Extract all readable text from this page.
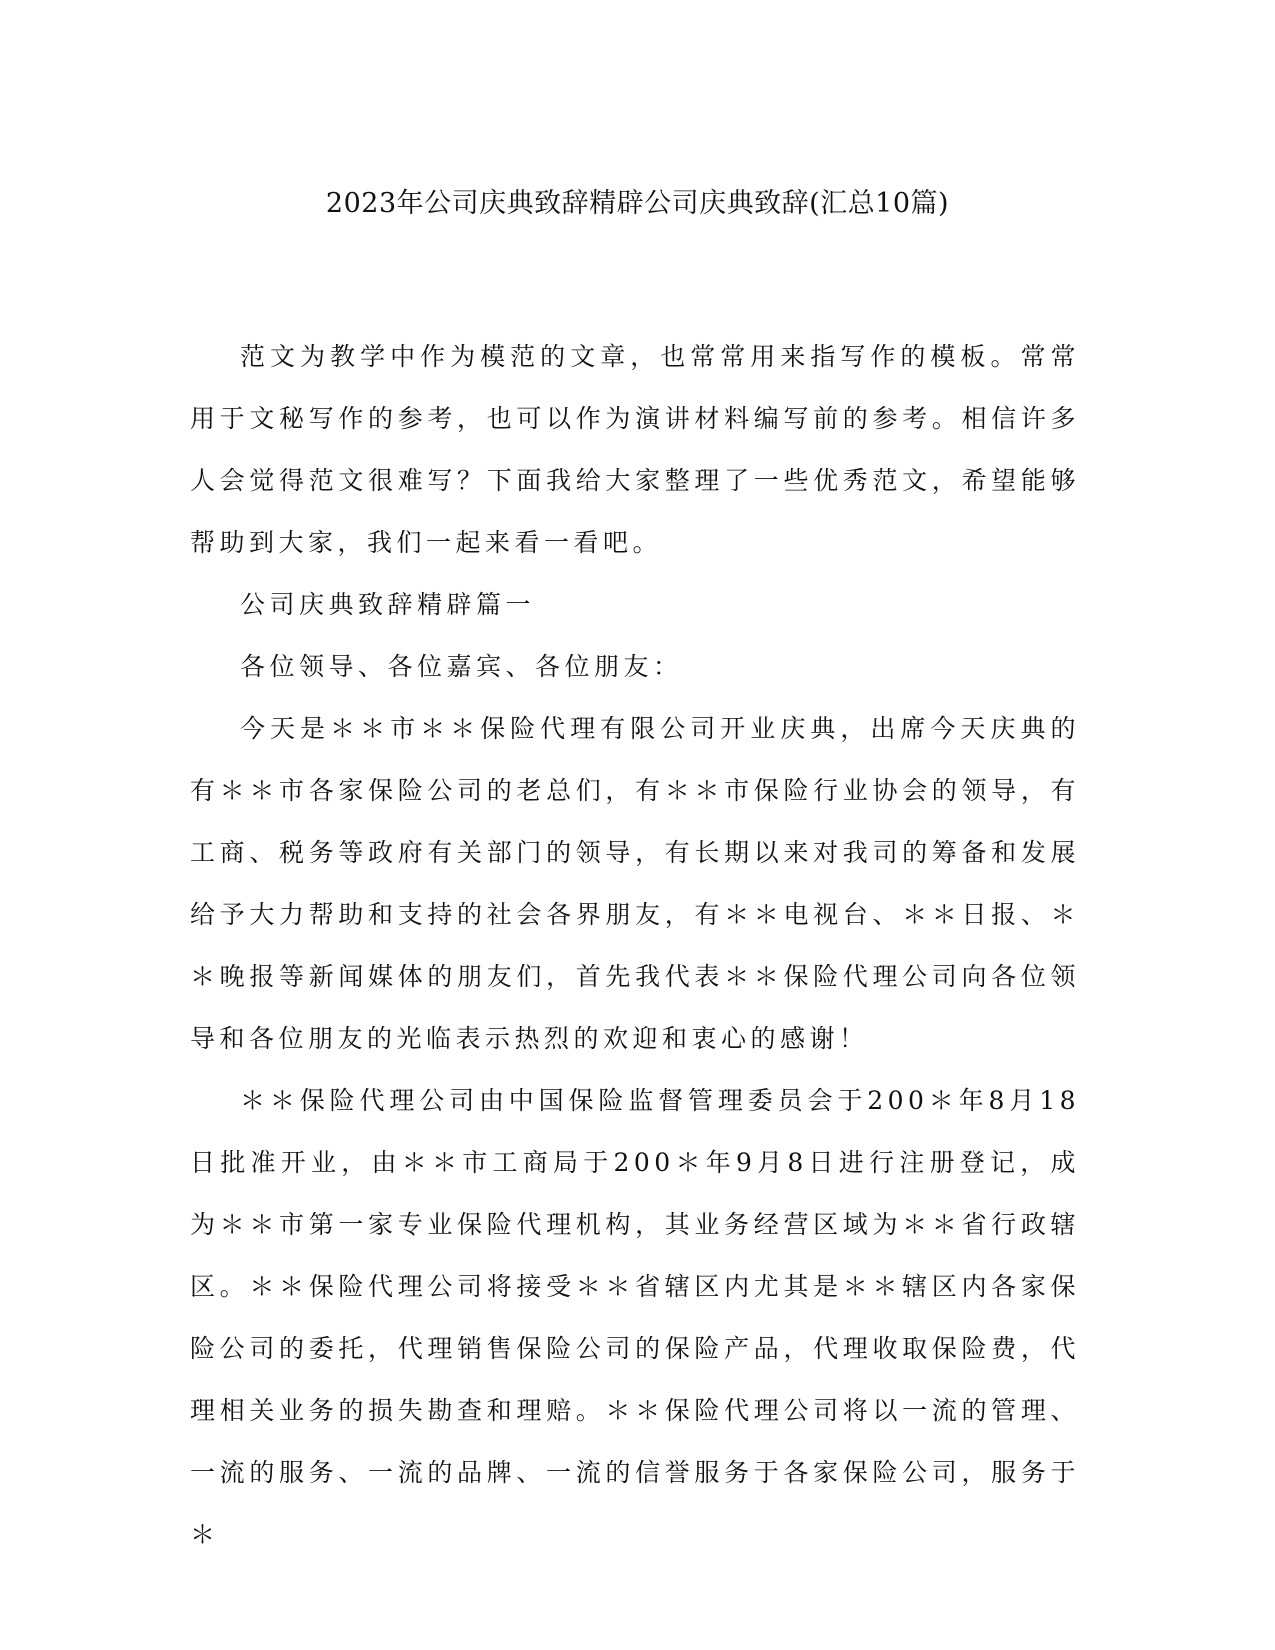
2023年公司庆典致辞精辟公司庆典致辞(汇总10篇)

范文为教学中作为模范的文章，也常常用来指写作的模板。常常用于文秘写作的参考，也可以作为演讲材料编写前的参考。相信许多人会觉得范文很难写？下面我给大家整理了一些优秀范文，希望能够帮助到大家，我们一起来看一看吧。

公司庆典致辞精辟篇一

各位领导、各位嘉宾、各位朋友：

今天是＊＊市＊＊保险代理有限公司开业庆典，出席今天庆典的有＊＊市各家保险公司的老总们，有＊＊市保险行业协会的领导，有工商、税务等政府有关部门的领导，有长期以来对我司的筹备和发展给予大力帮助和支持的社会各界朋友，有＊＊电视台、＊＊日报、＊＊晚报等新闻媒体的朋友们，首先我代表＊＊保险代理公司向各位领导和各位朋友的光临表示热烈的欢迎和衷心的感谢！

＊＊保险代理公司由中国保险监督管理委员会于200＊年8月18日批准开业，由＊＊市工商局于200＊年9月8日进行注册登记，成为＊＊市第一家专业保险代理机构，其业务经营区域为＊＊省行政辖区。＊＊保险代理公司将接受＊＊省辖区内尤其是＊＊辖区内各家保险公司的委托，代理销售保险公司的保险产品，代理收取保险费，代理相关业务的损失勘查和理赔。＊＊保险代理公司将以一流的管理、一流的服务、一流的品牌、一流的信誉服务于各家保险公司，服务于＊
